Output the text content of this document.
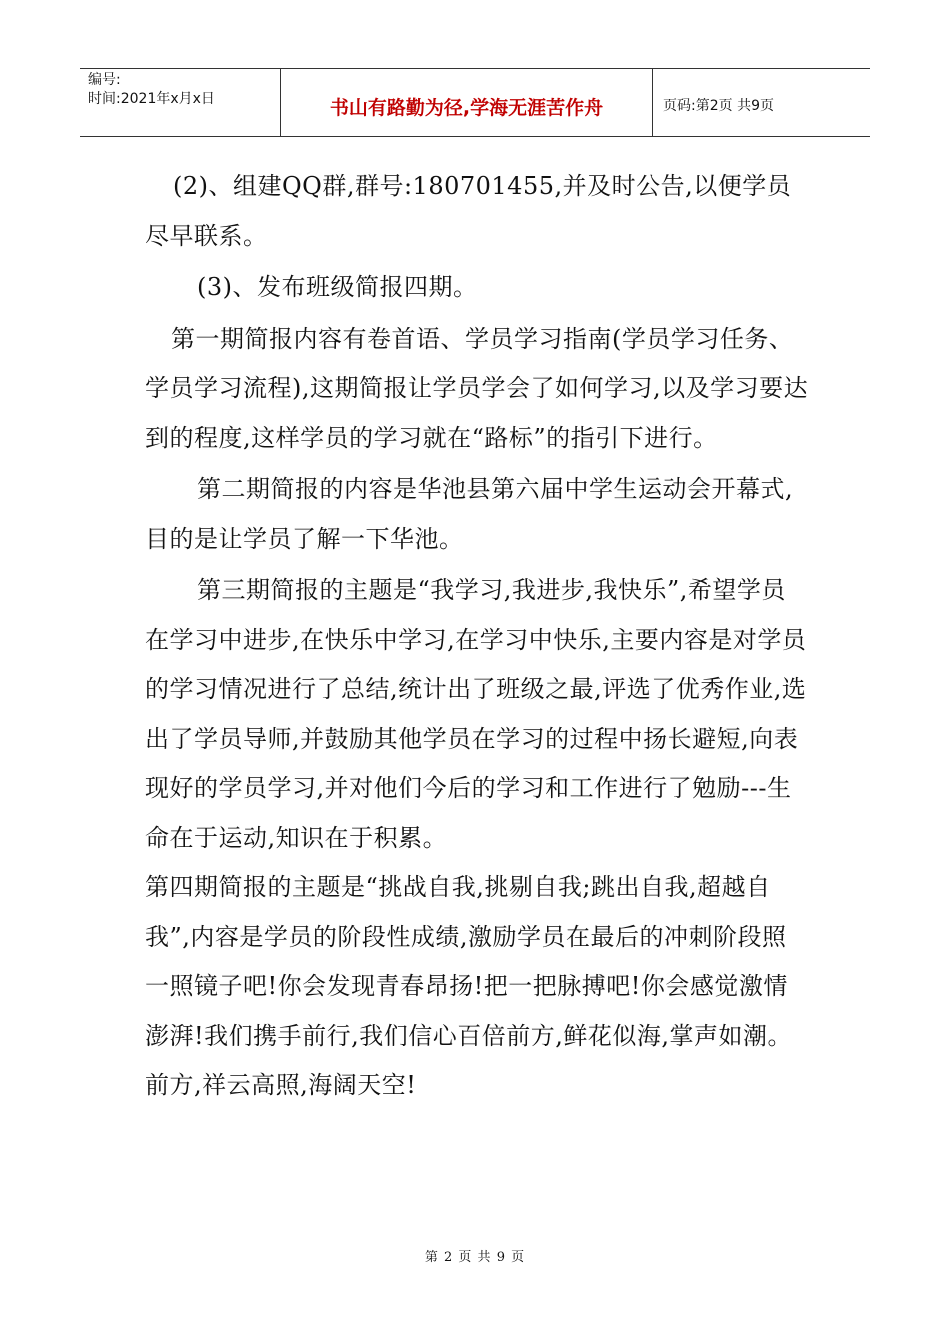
编号:
时间:2021年x月x日	书山有路勤为径,学海无涯苦作舟	页码:第2页 共9页

(2)、组建QQ群,群号:180701455,并及时公告,以便学员尽早联系。

(3)、发布班级简报四期。

第一期简报内容有卷首语、学员学习指南(学员学习任务、学员学习流程),这期简报让学员学会了如何学习,以及学习要达到的程度,这样学员的学习就在“路标”的指引下进行。

第二期简报的内容是华池县第六届中学生运动会开幕式,目的是让学员了解一下华池。

第三期简报的主题是“我学习,我进步,我快乐”,希望学员在学习中进步,在快乐中学习,在学习中快乐,主要内容是对学员的学习情况进行了总结,统计出了班级之最,评选了优秀作业,选出了学员导师,并鼓励其他学员在学习的过程中扬长避短,向表现好的学员学习,并对他们今后的学习和工作进行了勉励---生命在于运动,知识在于积累。

第四期简报的主题是“挑战自我,挑剔自我;跳出自我,超越自我”,内容是学员的阶段性成绩,激励学员在最后的冲刺阶段照一照镜子吧!你会发现青春昂扬!把一把脉搏吧!你会感觉激情澎湃!我们携手前行,我们信心百倍前方,鲜花似海,掌声如潮。前方,祥云高照,海阔天空!

第 2 页 共 9 页
